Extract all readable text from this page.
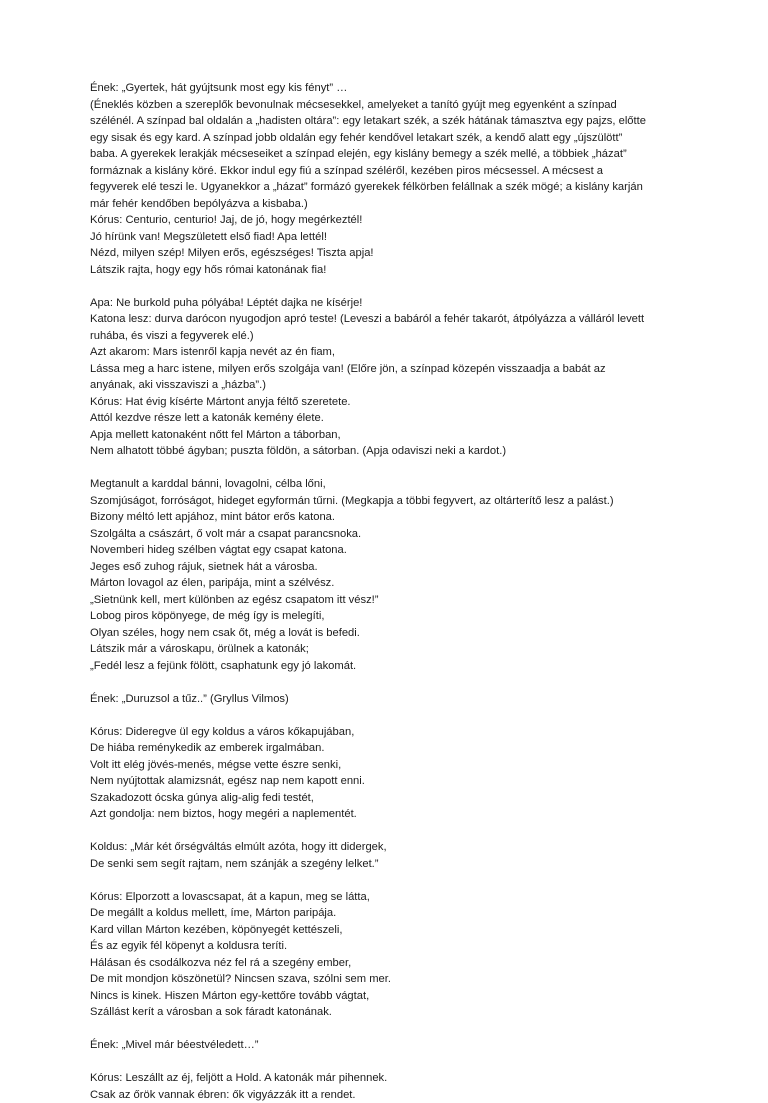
Ének: „Gyertek, hát gyújtsunk most egy kis fényt” …
(Éneklés közben a szereplők bevonulnak mécsesekkel, amelyeket a tanító gyújt meg egyenként a színpad
szélénél. A színpad bal oldalán a „hadisten oltára”: egy letakart szék, a szék hátának támasztva egy pajzs, előtte
egy sisak és egy kard. A színpad jobb oldalán egy fehér kendővel letakart szék, a kendő alatt egy „újszülött”
baba. A gyerekek lerakják mécseseiket a színpad elején, egy kislány bemegy a szék mellé, a többiek „házat”
formáznak a kislány köré. Ekkor indul egy fiú a színpad széléről, kezében piros mécsessel. A mécsest a
fegyverek elé teszi le. Ugyanekkor a „házat” formázó gyerekek félkörben felállnak a szék mögé; a kislány karján
már fehér kendőben bepólyázva a kisbaba.)
Kórus: Centurio, centurio! Jaj, de jó, hogy megérkeztél!
Jó hírünk van! Megszületett első fiad! Apa lettél!
Nézd, milyen szép! Milyen erős, egészséges! Tiszta apja!
Látszik rajta, hogy egy hős római katonának fia!
Apa: Ne burkold puha pólyába! Léptét dajka ne kísérje!
Katona lesz: durva darócon nyugodjon apró teste! (Leveszi a babáról a fehér takarót, átpólyázza a válláról levett
ruhába, és viszi a fegyverek elé.)
Azt akarom: Mars istenről kapja nevét az én fiam,
Lássa meg a harc istene, milyen erős szolgája van! (Előre jön, a színpad közepén visszaadja a babát az
anyának, aki visszaviszi a „házba”.)
Kórus: Hat évig kísérte Mártont anyja féltő szeretete.
Attól kezdve része lett a katonák kemény élete.
Apja mellett katonaként nőtt fel Márton a táborban,
Nem alhatott többé ágyban; puszta földön, a sátorban. (Apja odaviszi neki a kardot.)
Megtanult a karddal bánni, lovagolni, célba lőni,
Szomjúságot, forróságot, hideget egyformán tűrni. (Megkapja a többi fegyvert, az oltárterítő lesz a palást.)
Bizony méltó lett apjához, mint bátor erős katona.
Szolgálta a császárt, ő volt már a csapat parancsnoka.
Novemberi hideg szélben vágtat egy csapat katona.
Jeges eső zuhog rájuk, sietnek hát a városba.
Márton lovagol az élen, paripája, mint a szélvész.
„Sietnünk kell, mert különben az egész csapatom itt vész!”
Lobog piros köpönyege, de még így is melegíti,
Olyan széles, hogy nem csak őt, még a lovát is befedi.
Látszik már a városkapu, örülnek a katonák;
„Fedél lesz a fejünk fölött, csaphatunk egy jó lakomát.
Ének: „Duruzsol a tűz..” (Gryllus Vilmos)
Kórus: Dideregve ül egy koldus a város kőkapujában,
De hiába reménykedik az emberek irgalmában.
Volt itt elég jövés-menés, mégse vette észre senki,
Nem nyújtottak alamizsnát, egész nap nem kapott enni.
Szakadozott ócska gúnya alig-alig fedi testét,
Azt gondolja: nem biztos, hogy megéri a naplementét.
Koldus: „Már két őrségváltás elmúlt azóta, hogy itt didergek,
De senki sem segít rajtam, nem szánják a szegény lelket.”
Kórus: Elporzott a lovascsapat, át a kapun, meg se látta,
De megállt a koldus mellett, íme, Márton paripája.
Kard villan Márton kezében, köpönyegét kettészeli,
És az egyik fél köpenyt a koldusra teríti.
Hálásan és csodálkozva néz fel rá a szegény ember,
De mit mondjon köszönetül? Nincsen szava, szólni sem mer.
Nincs is kinek. Hiszen Márton egy-kettőre tovább vágtat,
Szállást kerít a városban a sok fáradt katonának.
Ének: „Mivel már béestvéledett…”
Kórus: Leszállt az éj, feljött a Hold. A katonák már pihennek.
Csak az őrök vannak ébren: ők vigyázzák itt a rendet.
